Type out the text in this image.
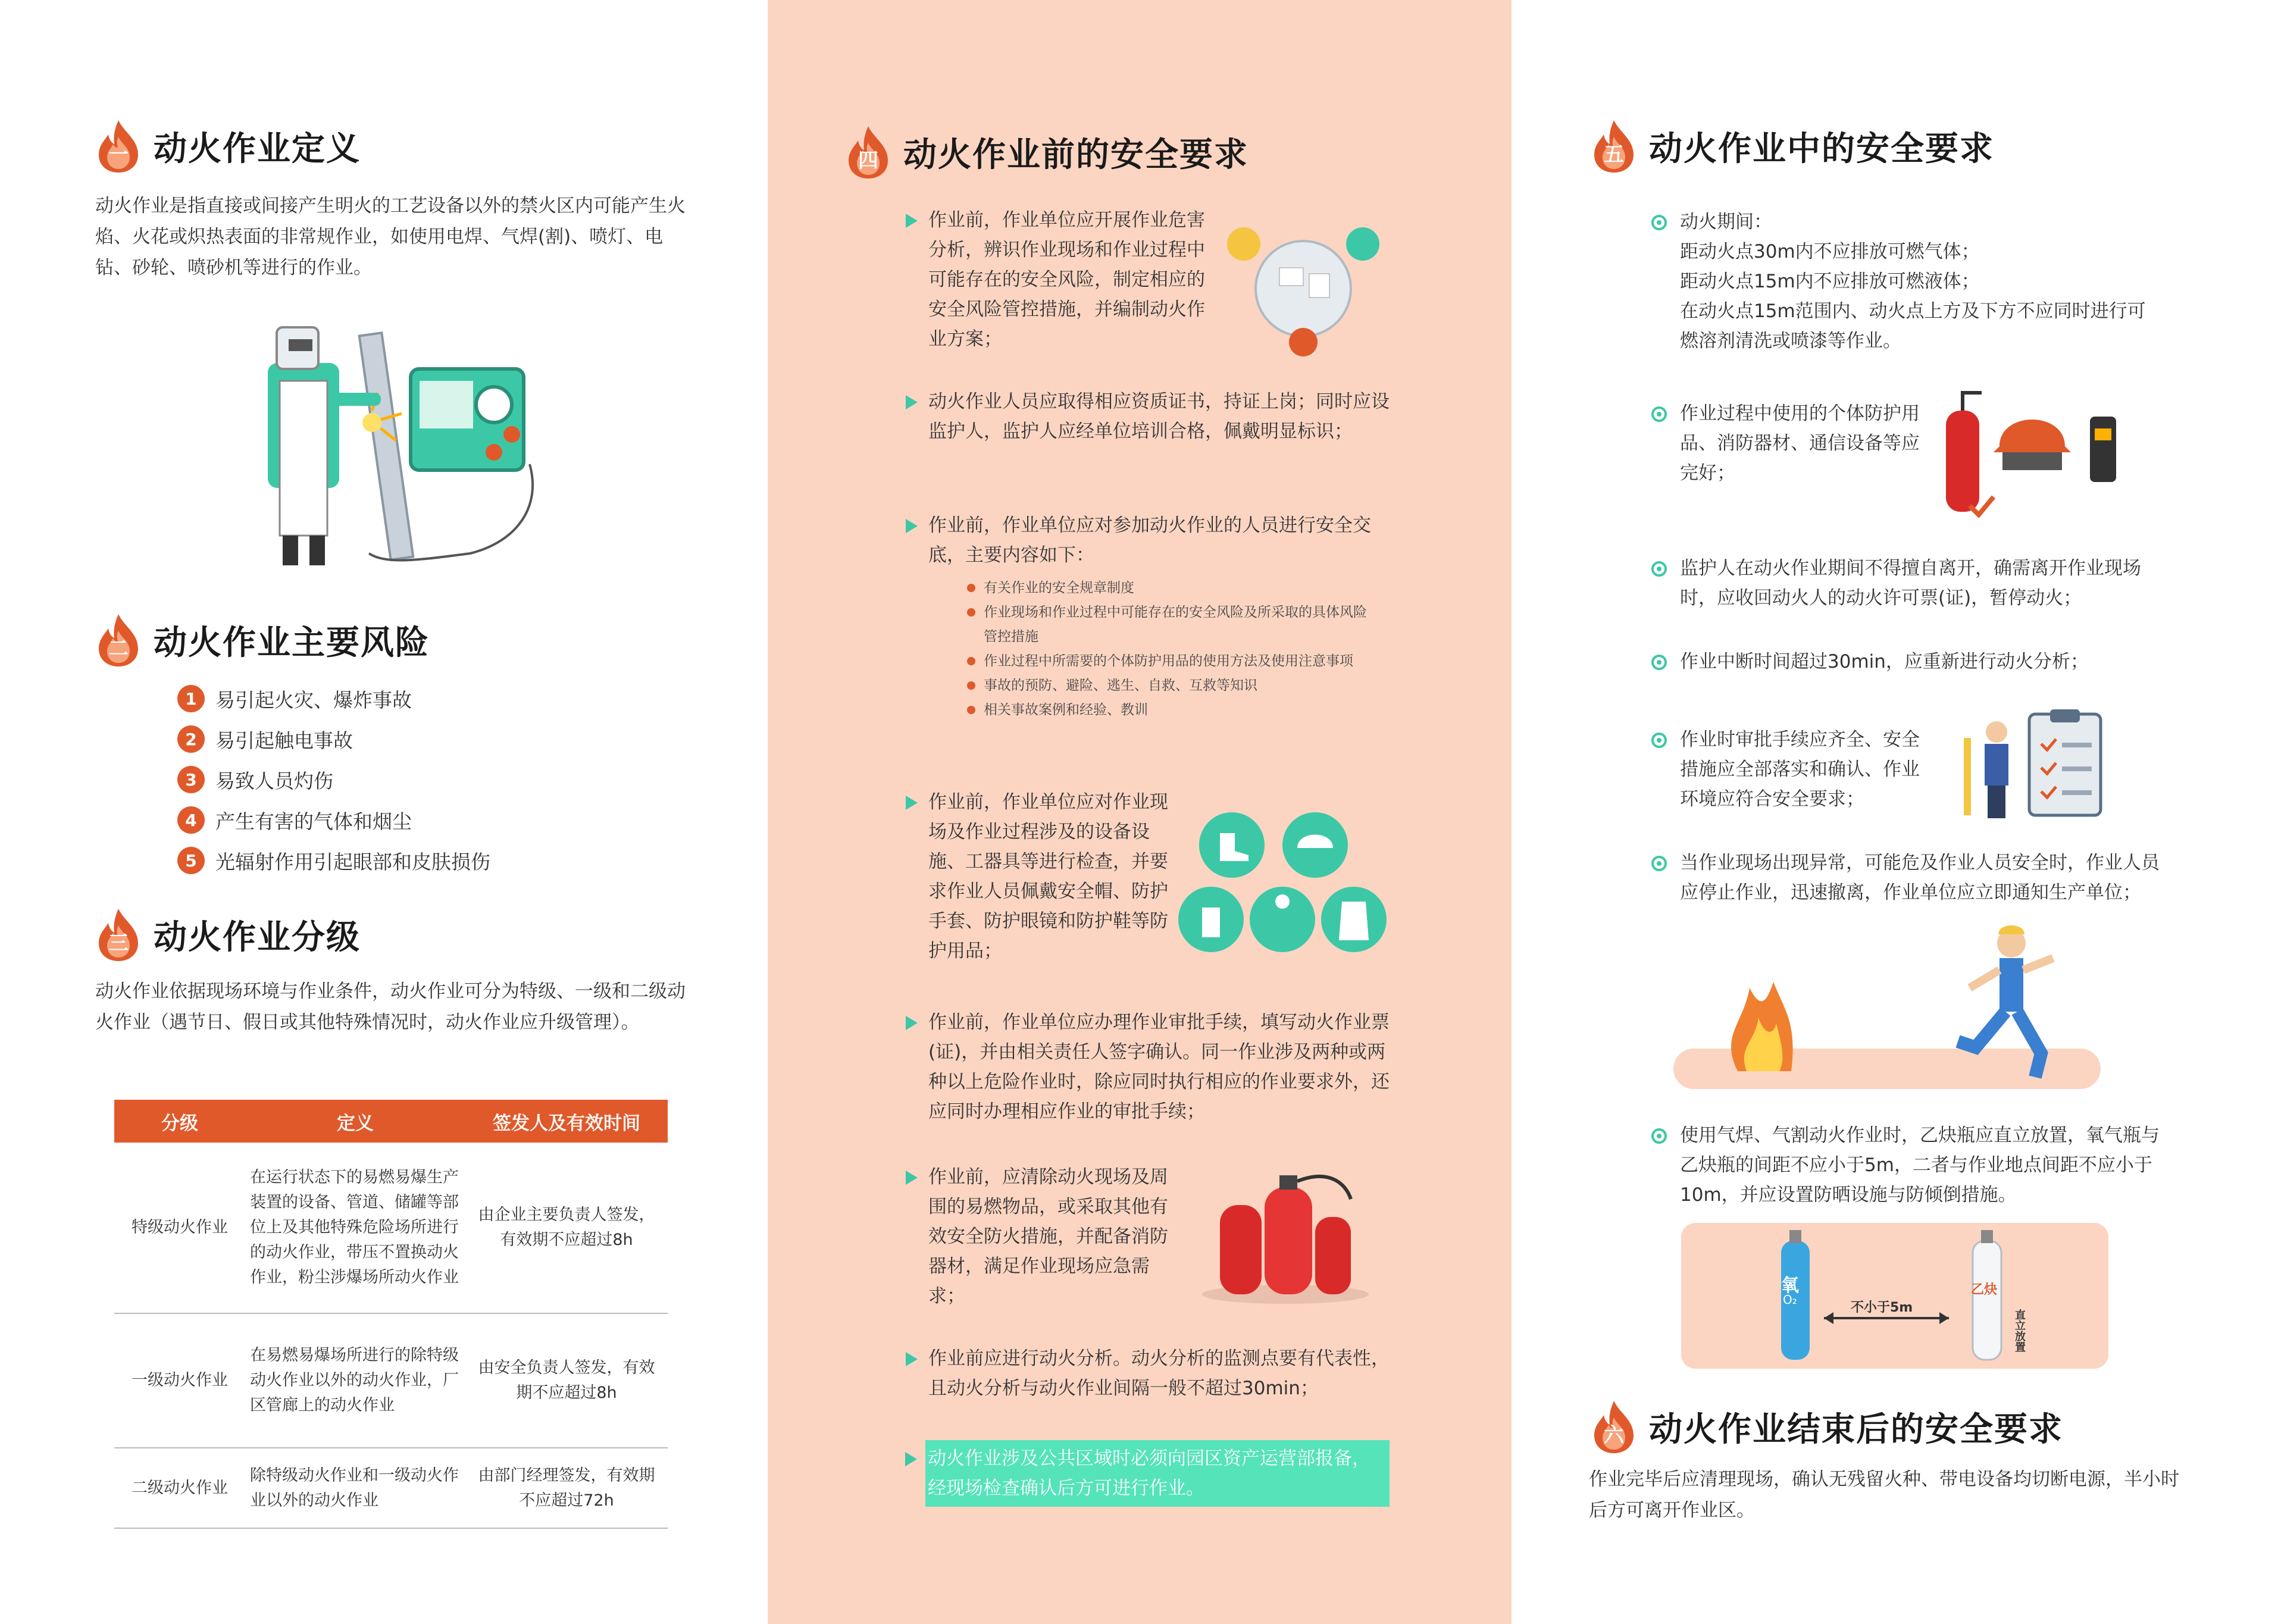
一 动火作业定义
动火作业是指直接或间接产生明火的工艺设备以外的禁火区内可能产生火焰、火花或炽热表面的非常规作业，如使用电焊、气焊(割)、喷灯、电钻、砂轮、喷砂机等进行的作业。
二 动火作业主要风险
1 易引起火灾、爆炸事故
2 易引起触电事故
3 易致人员灼伤
4 产生有害的气体和烟尘
5 光辐射作用引起眼部和皮肤损伤
三 动火作业分级
动火作业依据现场环境与作业条件，动火作业可分为特级、一级和二级动火作业（遇节日、假日或其他特殊情况时，动火作业应升级管理）。
分级	定义	签发人及有效时间
特级动火作业	在运行状态下的易燃易爆生产装置的设备、管道、储罐等部位上及其他特殊危险场所进行的动火作业，带压不置换动火作业，粉尘涉爆场所动火作业	由企业主要负责人签发，有效期不应超过8h
一级动火作业	在易燃易爆场所进行的除特级动火作业以外的动火作业，厂区管廊上的动火作业	由安全负责人签发，有效期不应超过8h
二级动火作业	除特级动火作业和一级动火作业以外的动火作业	由部门经理签发，有效期不应超过72h
四 动火作业前的安全要求
作业前，作业单位应开展作业危害分析，辨识作业现场和作业过程中可能存在的安全风险，制定相应的安全风险管控措施，并编制动火作业方案；
动火作业人员应取得相应资质证书，持证上岗；同时应设监护人，监护人应经单位培训合格，佩戴明显标识；
作业前，作业单位应对参加动火作业的人员进行安全交底，主要内容如下：
有关作业的安全规章制度
作业现场和作业过程中可能存在的安全风险及所采取的具体风险管控措施
作业过程中所需要的个体防护用品的使用方法及使用注意事项
事故的预防、避险、逃生、自救、互救等知识
相关事故案例和经验、教训
作业前，作业单位应对作业现场及作业过程涉及的设备设施、工器具等进行检查，并要求作业人员佩戴安全帽、防护手套、防护眼镜和防护鞋等防护用品；
作业前，作业单位应办理作业审批手续，填写动火作业票(证)，并由相关责任人签字确认。同一作业涉及两种或两种以上危险作业时，除应同时执行相应的作业要求外，还应同时办理相应作业的审批手续；
作业前，应清除动火现场及周围的易燃物品，或采取其他有效安全防火措施，并配备消防器材，满足作业现场应急需求；
作业前应进行动火分析。动火分析的监测点要有代表性，且动火分析与动火作业间隔一般不超过30min；
动火作业涉及公共区域时必须向园区资产运营部报备，经现场检查确认后方可进行作业。
五 动火作业中的安全要求
动火期间：
距动火点30m内不应排放可燃气体；
距动火点15m内不应排放可燃液体；
在动火点15m范围内、动火点上方及下方不应同时进行可燃溶剂清洗或喷漆等作业。
作业过程中使用的个体防护用品、消防器材、通信设备等应完好；
监护人在动火作业期间不得擅自离开，确需离开作业现场时，应收回动火人的动火许可票(证)，暂停动火；
作业中断时间超过30min，应重新进行动火分析；
作业时审批手续应齐全、安全措施应全部落实和确认、作业环境应符合安全要求；
当作业现场出现异常，可能危及作业人员安全时，作业人员应停止作业，迅速撤离，作业单位应立即通知生产单位；
使用气焊、气割动火作业时，乙炔瓶应直立放置，氧气瓶与乙炔瓶的间距不应小于5m，二者与作业地点间距不应小于10m，并应设置防晒设施与防倾倒措施。
氧
O₂
乙炔
不小于5m
直立放置
六 动火作业结束后的安全要求
作业完毕后应清理现场，确认无残留火种、带电设备均切断电源，半小时后方可离开作业区。
